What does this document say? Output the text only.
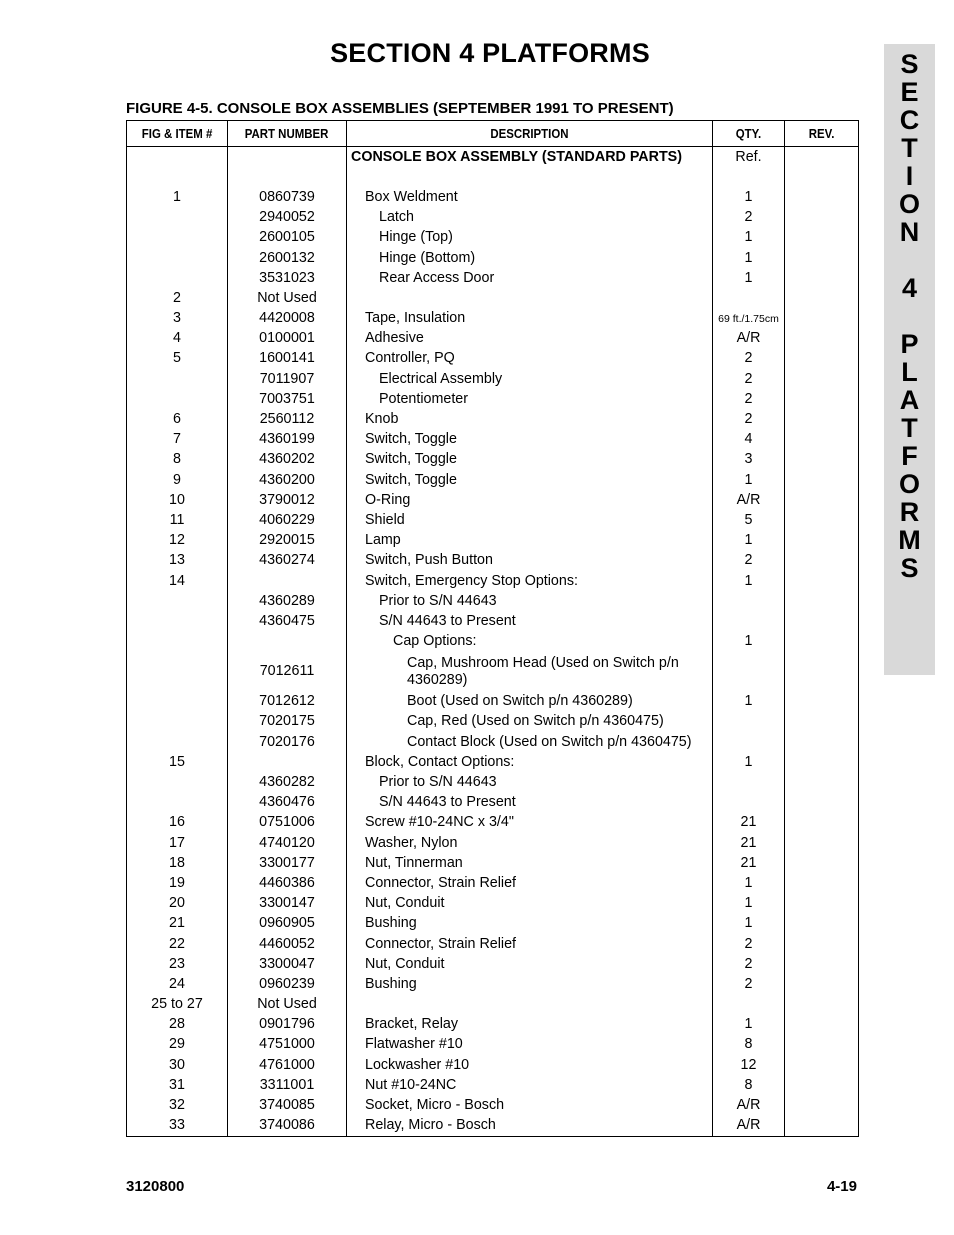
SECTION 4 PLATFORMS	S
E
C
T
I
O
N
4
P
L
A
T
F
O
R
M
S

FIGURE 4-5. CONSOLE BOX ASSEMBLIES (SEPTEMBER 1991 TO PRESENT)

FIG & ITEM #	PART NUMBER	DESCRIPTION	QTY.	REV.

		CONSOLE BOX ASSEMBLY (STANDARD PARTS)	Ref.	

1	0860739	Box Weldment	1	
	2940052	Latch	2	
	2600105	Hinge (Top)	1	
	2600132	Hinge (Bottom)	1	
	3531023	Rear Access Door	1	
2	Not Used	

3	4420008	Tape, Insulation	69 ft./1.75cm	
4	0100001	Adhesive	A/R	
5	1600141	Controller, PQ	2	
	7011907	Electrical Assembly	2	
	7003751	Potentiometer	2	
6	2560112	Knob	2	
7	4360199	Switch, Toggle	4	
8	4360202	Switch, Toggle	3	
9	4360200	Switch, Toggle	1	
10	3790012	O-Ring	A/R	
11	4060229	Shield	5	
12	2920015	Lamp	1	
13	4360274	Switch, Push Button	2	
14		Switch, Emergency Stop Options:	1	
	4360289	Prior to S/N 44643		

	4360475	S/N 44643 to Present		

		Cap Options:	1	
	7012611	Cap, Mushroom Head (Used on Switch p/n 4360289)		

	7012612	Boot (Used on Switch p/n 4360289)	1	
	7020175	Cap, Red (Used on Switch p/n 4360475)		

	7020176	Contact Block (Used on Switch p/n 4360475)		

15		Block, Contact Options:	1	
	4360282	Prior to S/N 44643		

	4360476	S/N 44643 to Present		

16	0751006	Screw #10-24NC x 3/4"	21	
17	4740120	Washer, Nylon	21	
18	3300177	Nut, Tinnerman	21	
19	4460386	Connector, Strain Relief	1	
20	3300147	Nut, Conduit	1	
21	0960905	Bushing	1	
22	4460052	Connector, Strain Relief	2	
23	3300047	Nut, Conduit	2	
24	0960239	Bushing	2	
25 to 27	Not Used	

28	0901796	Bracket, Relay	1	
29	4751000	Flatwasher #10	8	
30	4761000	Lockwasher #10	12	
31	3311001	Nut #10-24NC	8	
32	3740085	Socket, Micro - Bosch	A/R	
33	3740086	Relay, Micro - Bosch	A/R	
3120800	4-19
